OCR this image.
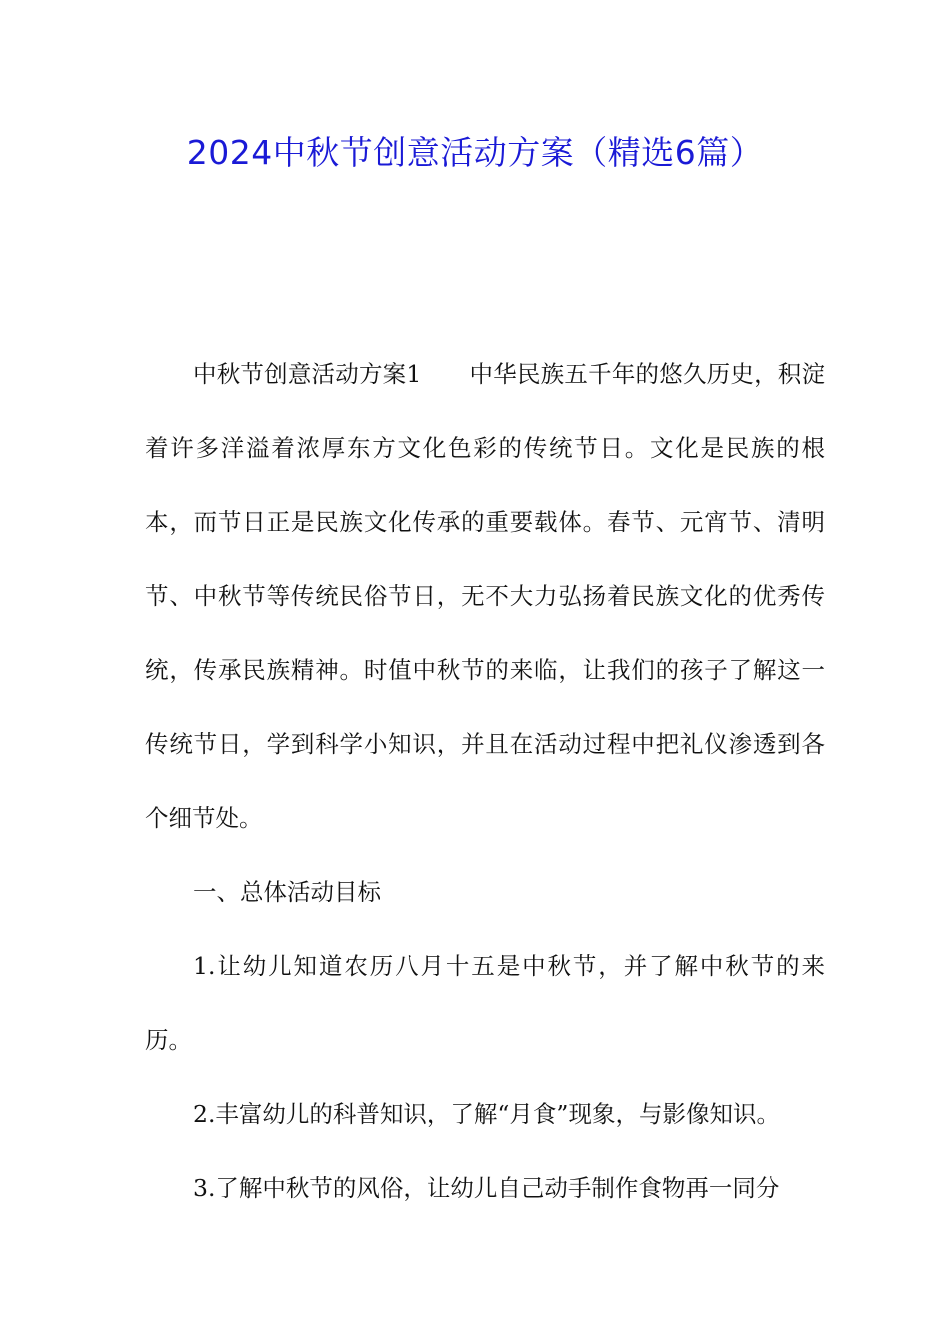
2024中秋节创意活动方案（精选6篇）

中秋节创意活动方案1 中华民族五千年的悠久历史，积淀着许多洋溢着浓厚东方文化色彩的传统节日。文化是民族的根本，而节日正是民族文化传承的重要载体。春节、元宵节、清明节、中秋节等传统民俗节日，无不大力弘扬着民族文化的优秀传统，传承民族精神。时值中秋节的来临，让我们的孩子了解这一传统节日，学到科学小知识，并且在活动过程中把礼仪渗透到各个细节处。

一、总体活动目标

1.让幼儿知道农历八月十五是中秋节，并了解中秋节的来历。

2.丰富幼儿的科普知识，了解“月食”现象，与影像知识。

3.了解中秋节的风俗，让幼儿自己动手制作食物再一同分
